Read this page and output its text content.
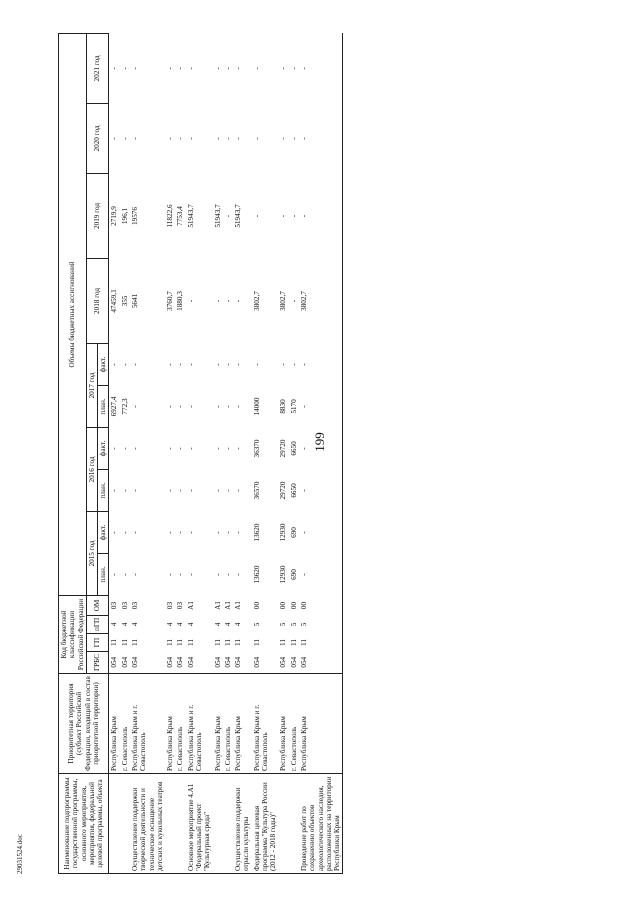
199
Наименование подпрограммы государственной программы, основного мероприятия, мероприятия, федеральной целевой программы, объекта	Приоритетная территория (субъект Российской Федерации, входящий в состав приоритетной территории)	Код бюджетной классификации Российской Федерации				Объемы бюджетных ассигнований									
		ГРБС	ГП	пГП	ОМ	2015 год		2016 год		2017 год		2018 год	2019 год	2020 год	2021 год
						план.	факт.	план.	факт.	план.	факт.				
	Республика Крым	054	11	4	03	-	-	-	-	6927,4	-	47459,1	2719,9	-	-
	г. Севастополь	054	11	4	03	-	-	-	-	772,3	-	355	196,1	-	-
Осуществление поддержки творческой деятельности и техническое оснащение детских и кукольных театров	Республика Крым и г. Севастополь	054	11	4	03	-	-	-	-	-	-	5641	19576	-	-
	Республика Крым	054	11	4	03	-	-	-	-	-	-	3760,7	11822,6	-	-
	г. Севастополь	054	11	4	03	-	-	-	-	-	-	1880,3	7753,4	-	-
Основное мероприятие 4.A1 "Федеральный проект "Культурная среда"	Республика Крым и г. Севастополь	054	11	4	A1	-	-	-	-	-	-	-	51943,7	-	-
	Республика Крым	054	11	4	A1	-	-	-	-	-	-	-	51943,7	-	-
	г. Севастополь	054	11	4	A1	-	-	-	-	-	-	-	-	-	-
Осуществление поддержки отрасли культуры	Республика Крым	054	11	4	A1	-	-	-	-	-	-	-	51943,7	-	-
Федеральная целевая программа "Культура России (2012 - 2018 годы)"	Республика Крым и г. Севастополь	054	11	5	00	13620	13620	36570	36370	14000	-	3802,7	-	-	-
	Республика Крым	054	11	5	00	12930	12930	29720	29720	8830	-	3802,7	-	-	-
	г. Севастополь	054	11	5	00	690	690	6650	6650	5170	-	-	-	-	-
Проведение работ по сохранению объектов археологического наследия, расположенных на территории Республики Крым	Республика Крым	054	11	5	00	-	-	-	-	-	-	3802,7	-	-	-
29031524.doc
